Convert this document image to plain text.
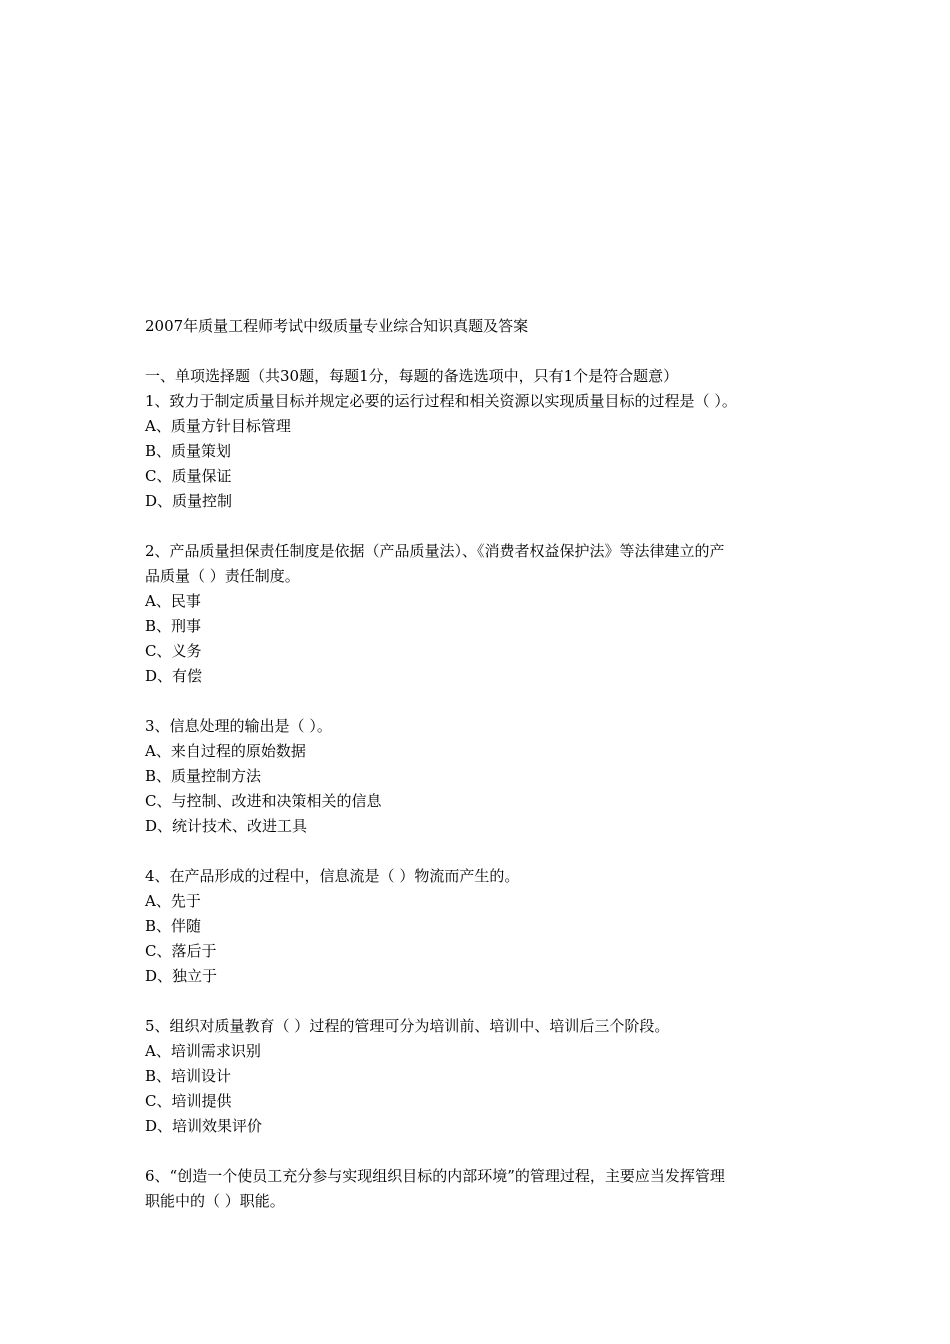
2007年质量工程师考试中级质量专业综合知识真题及答案

一、单项选择题（共30题，每题1分，每题的备选选项中，只有1个是符合题意）

1、致力于制定质量目标并规定必要的运行过程和相关资源以实现质量目标的过程是（ ）。

A、质量方针目标管理
B、质量策划
C、质量保证
D、质量控制

2、产品质量担保责任制度是依据（产品质量法）、《消费者权益保护法》等法律建立的产

品质量（ ）责任制度。

A、民事
B、刑事
C、义务
D、有偿

3、信息处理的输出是（ ）。

A、来自过程的原始数据
B、质量控制方法
C、与控制、改进和决策相关的信息
D、统计技术、改进工具

4、在产品形成的过程中，信息流是（ ）物流而产生的。

A、先于
B、伴随
C、落后于
D、独立于

5、组织对质量教育（ ）过程的管理可分为培训前、培训中、培训后三个阶段。

A、培训需求识别
B、培训设计
C、培训提供
D、培训效果评价

6、“创造一个使员工充分参与实现组织目标的内部环境”的管理过程，主要应当发挥管理

职能中的（ ）职能。
